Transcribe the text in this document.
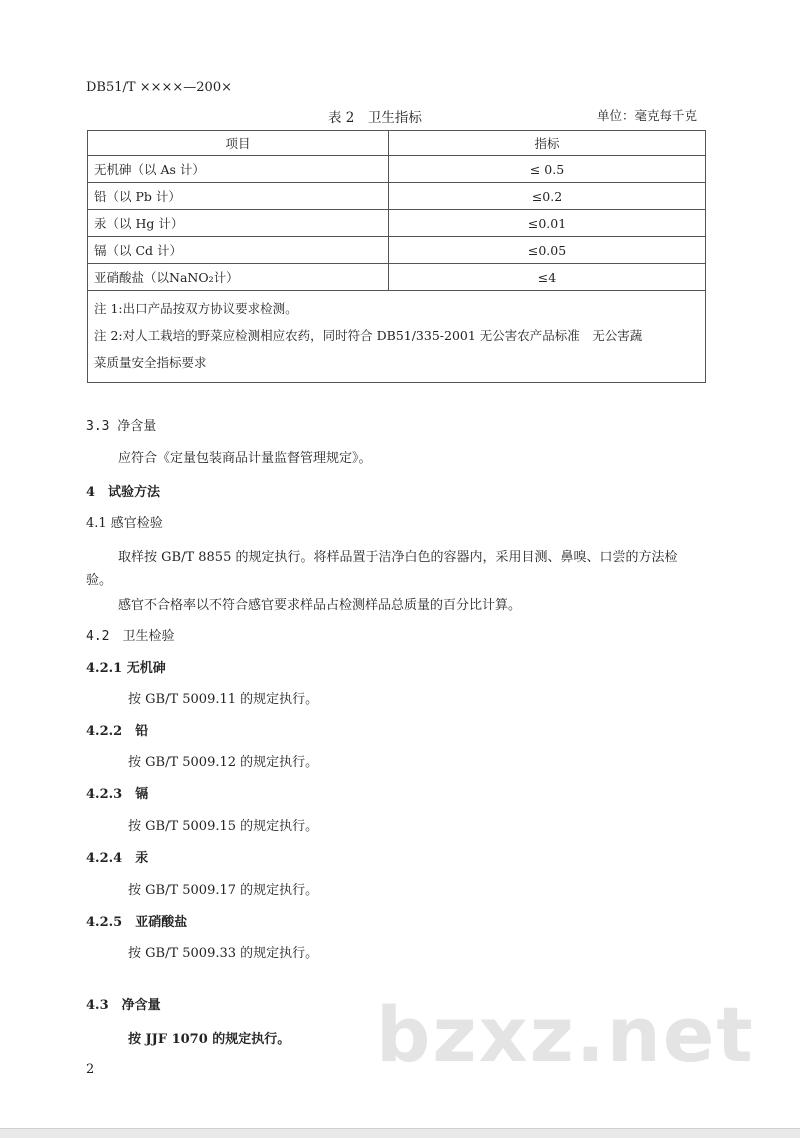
DB51/T ××××—200×
表 2　卫生指标	单位：毫克每千克
项目	指标
无机砷（以 As 计）	≤ 0.5
铅（以 Pb 计）	≤0.2
汞（以 Hg 计）	≤0.01
镉（以 Cd 计）	≤0.05
亚硝酸盐（以NaNO₂计）	≤4

注 1:出口产品按双方协议要求检测。
注 2:对人工栽培的野菜应检测相应农药，同时符合 DB51/335-2001 无公害农产品标准　无公害蔬
菜质量安全指标要求	
3.3 净含量
应符合《定量包装商品计量监督管理规定》。
4　试验方法
4.1 感官检验
取样按 GB/T 8855 的规定执行。将样品置于洁净白色的容器内，采用目测、鼻嗅、口尝的方法检
验。
感官不合格率以不符合感官要求样品占检测样品总质量的百分比计算。
4.2　卫生检验
4.2.1 无机砷
按 GB/T 5009.11 的规定执行。
4.2.2　铅
按 GB/T 5009.12 的规定执行。
4.2.3　镉
按 GB/T 5009.15 的规定执行。
4.2.4　汞
按 GB/T 5009.17 的规定执行。
4.2.5　亚硝酸盐
按 GB/T 5009.33 的规定执行。
4.3　净含量
按 JJF 1070 的规定执行。 bzxz.net
2
